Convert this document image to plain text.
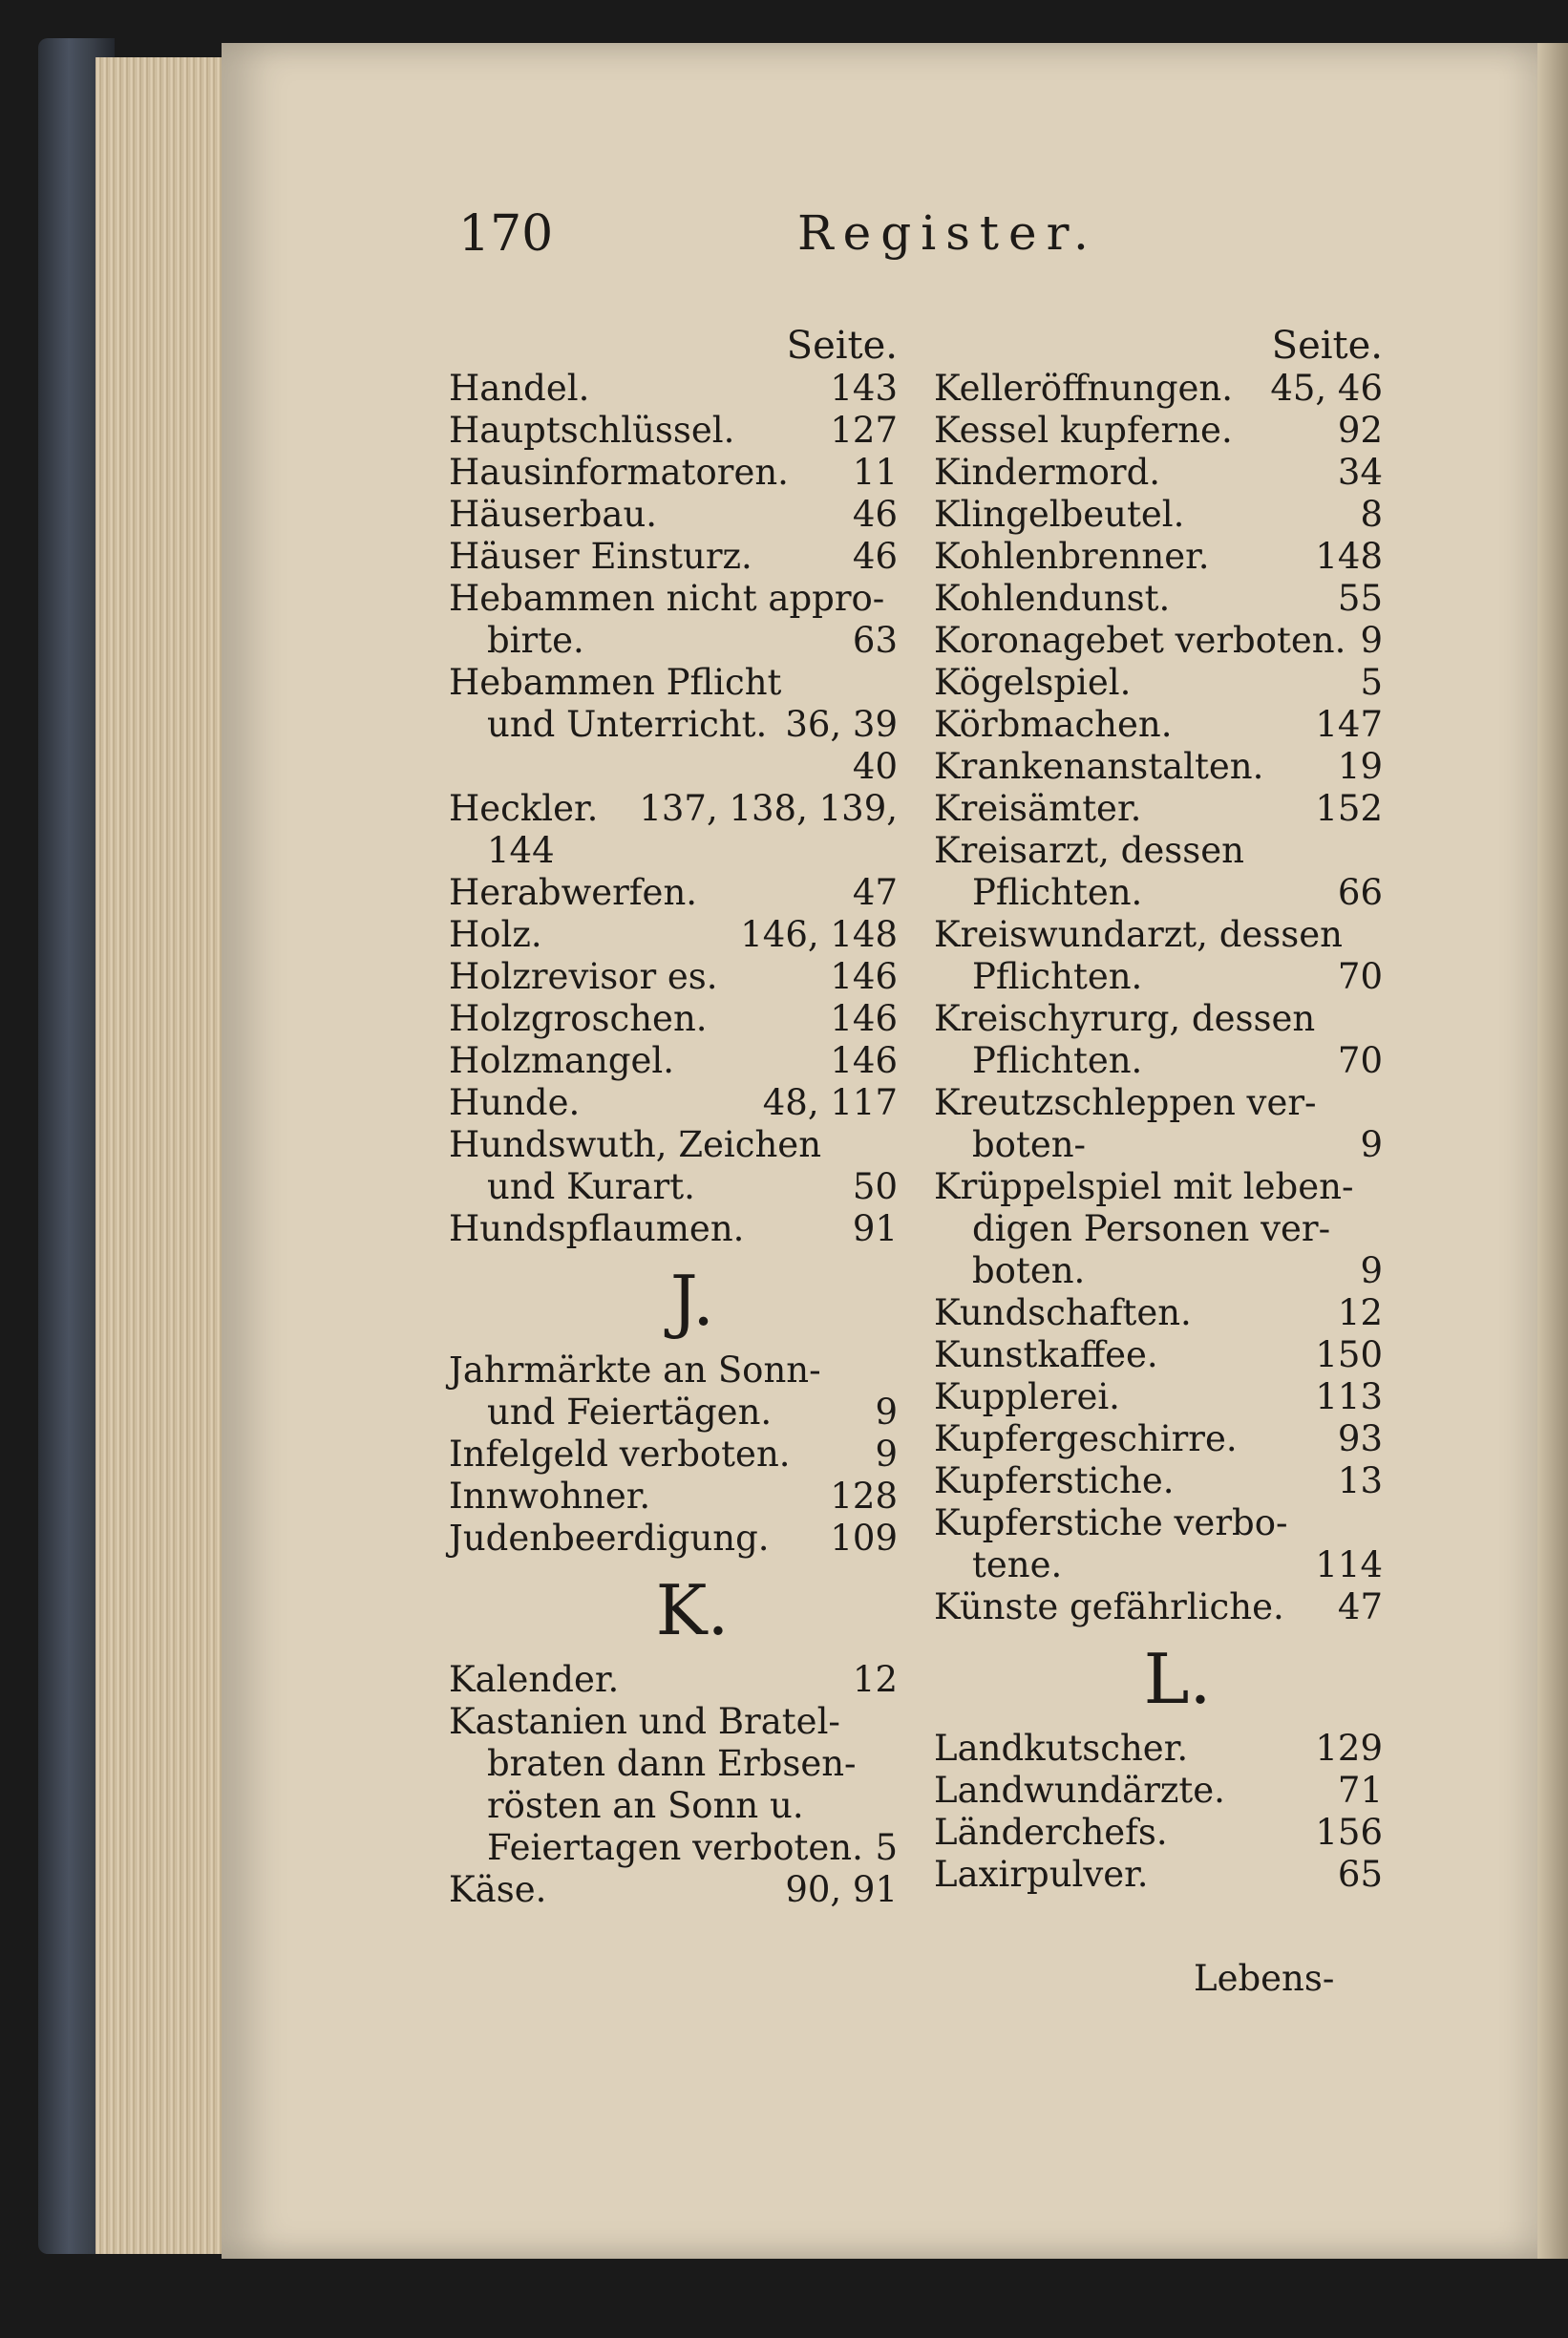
170	Register.
Seite.
Handel.	143
Hauptschlüssel.	127
Hausinformatoren. 11
Häuserbau.	46
Häuser Einsturz.	46
Hebammen nicht appro-
birte.	63
Hebammen Pflicht
und Unterricht. 36, 39
40
Heckler. 137, 138, 139,
144
Herabwerfen.	47
Holz.	146, 148
Holzrevisor es.	146
Holzgroschen.	146
Holzmangel.	146
Hunde.	48, 117
Hundswuth, Zeichen
und Kurart.	50
Hundspflaumen.	91
J.
Jahrmärkte an Sonn-
und Feiertägen.	9
Infelgeld verboten. 9
Innwohner.	128
Judenbeerdigung. 109
K.
Kalender.	12
Kastanien und Bratel-
braten dann Erbsen-
rösten an Sonn u.
Feiertagen verboten. 5
Käse.	90, 91
Seite.
Kelleröffnungen. 45, 46
Kessel kupferne.	92
Kindermord.	34
Klingelbeutel.	8
Kohlenbrenner.	148
Kohlendunst.	55
Koronagebet verboten. 9
Kögelspiel.	5
Körbmachen.	147
Krankenanstalten. 19
Kreisämter.	152
Kreisarzt, dessen
Pflichten.	66
Kreiswundarzt, dessen
Pflichten.	70
Kreischyrurg, dessen
Pflichten.	70
Kreutzschleppen ver-
boten-	9
Krüppelspiel mit leben-
digen Personen ver-
boten.	9
Kundschaften.	12
Kunstkaffee.	150
Kupplerei.	113
Kupfergeschirre.	93
Kupferstiche.	13
Kupferstiche verbo-
tene.	114
Künste gefährliche. 47
L.
Landkutscher.	129
Landwundärzte.	71
Länderchefs.	156
Laxirpulver.	65
Lebens-
